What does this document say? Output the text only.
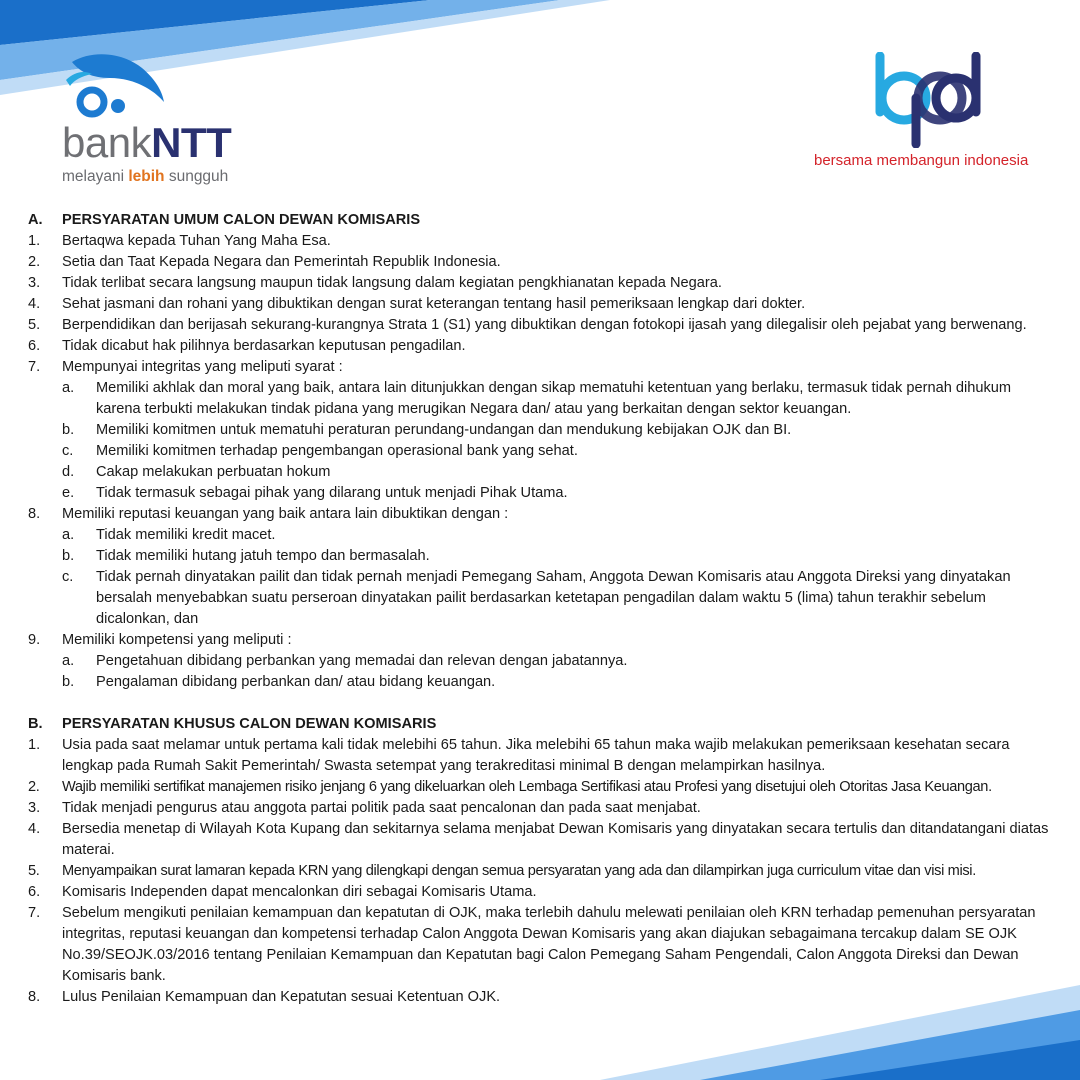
bankNTT
melayani lebih sungguh
bersama membangun indonesia
A.	PERSYARATAN UMUM CALON DEWAN KOMISARIS
1.	Bertaqwa kepada Tuhan Yang Maha Esa.
2.	Setia dan Taat Kepada Negara dan Pemerintah Republik Indonesia.
3.	Tidak terlibat secara langsung maupun tidak langsung dalam kegiatan pengkhianatan kepada Negara.
4.	Sehat jasmani dan rohani yang dibuktikan dengan surat keterangan tentang hasil pemeriksaan lengkap dari dokter.
5.	Berpendidikan dan berijasah sekurang-kurangnya Strata 1 (S1) yang dibuktikan dengan fotokopi ijasah yang dilegalisir oleh pejabat yang berwenang.
6.	Tidak dicabut hak pilihnya berdasarkan keputusan pengadilan.
7.	Mempunyai integritas yang meliputi syarat :
a.	Memiliki akhlak dan moral yang baik, antara lain ditunjukkan dengan sikap mematuhi ketentuan yang berlaku, termasuk tidak pernah dihukum karena terbukti melakukan tindak pidana yang merugikan Negara dan/ atau yang berkaitan dengan sektor keuangan.
b.	Memiliki komitmen untuk mematuhi peraturan perundang-undangan dan mendukung kebijakan OJK dan BI.
c.	Memiliki komitmen terhadap pengembangan operasional bank yang sehat.
d.	Cakap melakukan perbuatan hokum
e.	Tidak termasuk sebagai pihak yang dilarang untuk menjadi Pihak Utama.
8.	Memiliki reputasi keuangan yang baik antara lain dibuktikan dengan :
a.	Tidak memiliki kredit macet.
b.	Tidak memiliki hutang jatuh tempo dan bermasalah.
c.	Tidak pernah dinyatakan pailit dan tidak pernah menjadi Pemegang Saham, Anggota Dewan Komisaris atau Anggota Direksi yang dinyatakan bersalah menyebabkan suatu perseroan dinyatakan pailit berdasarkan ketetapan pengadilan dalam waktu 5 (lima) tahun terakhir sebelum dicalonkan, dan
9.	Memiliki kompetensi yang meliputi :
a.	Pengetahuan dibidang perbankan yang memadai dan relevan dengan jabatannya.
b.	Pengalaman dibidang perbankan dan/ atau bidang keuangan.
B.	PERSYARATAN KHUSUS CALON DEWAN KOMISARIS
1.	Usia pada saat melamar untuk pertama kali tidak melebihi 65 tahun. Jika melebihi 65 tahun maka wajib melakukan pemeriksaan kesehatan secara lengkap pada Rumah Sakit Pemerintah/ Swasta setempat yang terakreditasi minimal B dengan melampirkan hasilnya.
2.	Wajib memiliki sertifikat manajemen risiko jenjang 6 yang dikeluarkan oleh Lembaga Sertifikasi atau Profesi yang disetujui oleh Otoritas Jasa Keuangan.
3.	Tidak menjadi pengurus atau anggota partai politik pada saat pencalonan dan pada saat menjabat.
4.	Bersedia menetap di Wilayah Kota Kupang dan sekitarnya selama menjabat Dewan Komisaris yang dinyatakan secara tertulis dan ditandatangani diatas materai.
5.	Menyampaikan surat lamaran kepada KRN yang dilengkapi dengan semua persyaratan yang ada dan dilampirkan juga curriculum vitae dan visi misi.
6.	Komisaris Independen dapat mencalonkan diri sebagai Komisaris Utama.
7.	Sebelum mengikuti penilaian kemampuan dan kepatutan di OJK, maka terlebih dahulu melewati penilaian oleh KRN terhadap pemenuhan persyaratan integritas, reputasi keuangan dan kompetensi terhadap Calon Anggota Dewan Komisaris yang akan diajukan sebagaimana tercakup dalam SE OJK No.39/SEOJK.03/2016 tentang Penilaian Kemampuan dan Kepatutan bagi Calon Pemegang Saham Pengendali, Calon Anggota Direksi dan Dewan Komisaris bank.
8.	Lulus Penilaian Kemampuan dan Kepatutan sesuai Ketentuan OJK.
